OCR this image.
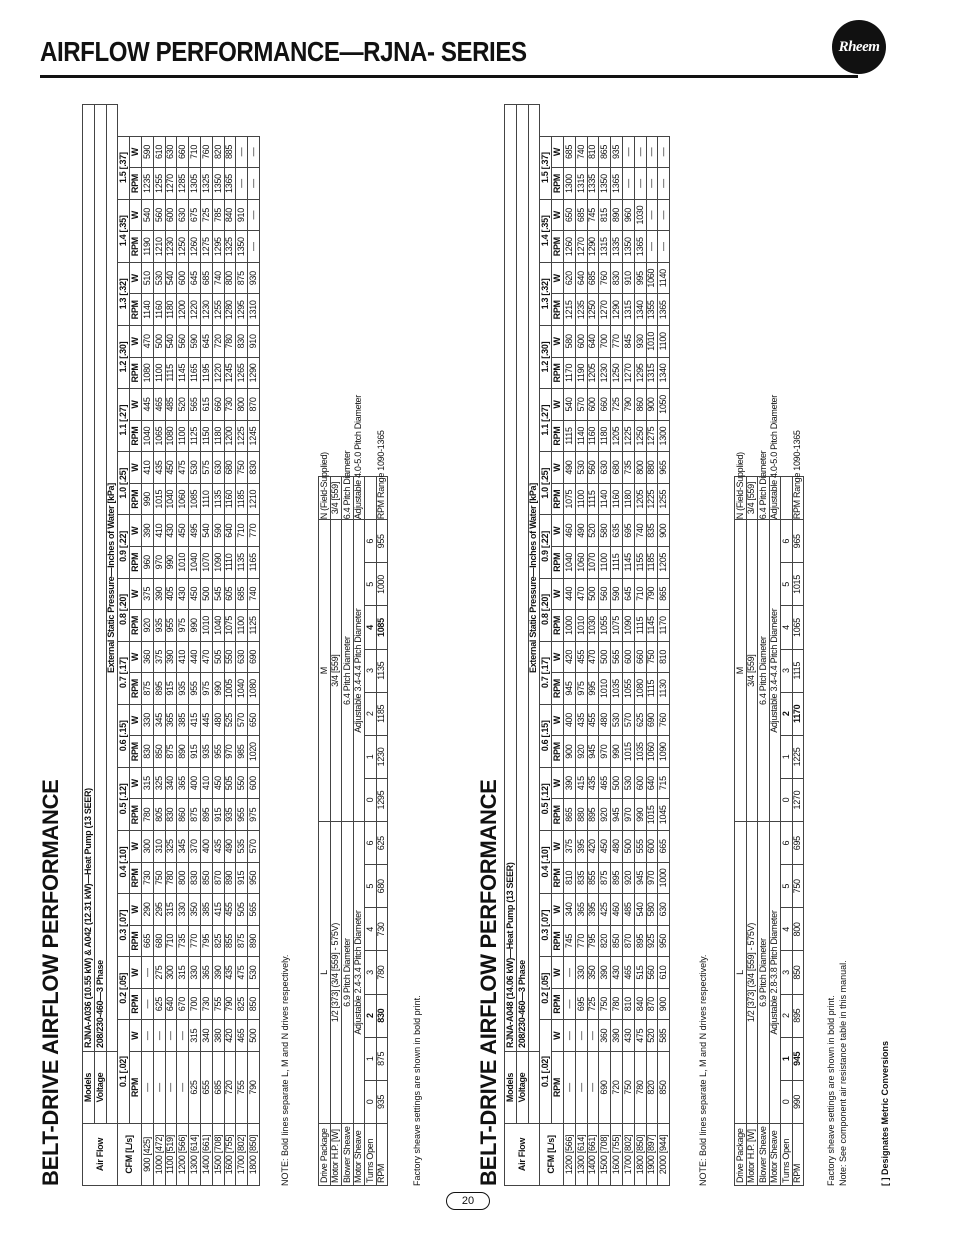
AIRFLOW PERFORMANCE—RJNA- SERIES	Rheem
20
BELT-DRIVE AIRFLOW PERFORMANCE	Air Flow	Models	RJNA-A036 (10.55 kW) & A042 (12.31 kW)—Heat Pump (13 SEER)																												
	Voltage	208/230-460—3 Phase																												
		External Static Pressure—Inches of Water [kPa]																												
CFM [L/s]	0.1 [.02]		0.2 [.05]		0.3 [.07]		0.4 [.10]		0.5 [.12]		0.6 [.15]		0.7 [.17]		0.8 [.20]		0.9 [.22]		1.0 [.25]		1.1 [.27]		1.2 [.30]		1.3 [.32]		1.4 [.35]		1.5 [.37]	
	RPM	W	RPM	W	RPM	W	RPM	W	RPM	W	RPM	W	RPM	W	RPM	W	RPM	W	RPM	W	RPM	W	RPM	W	RPM	W	RPM	W	RPM	W
900 [425]	—	—	—	—	665	290	730	300	780	315	830	330	875	360	920	375	960	390	990	410	1040	445	1080	470	1140	510	1190	540	1235	590
1000 [472]	—	—	625	275	680	295	750	310	805	325	850	345	895	375	935	390	970	410	1015	435	1065	465	1100	500	1160	530	1210	560	1255	610
1100 [519]	—	—	640	300	710	315	780	325	830	340	875	365	915	390	955	405	990	430	1040	450	1080	485	1115	540	1180	540	1230	600	1270	630
1200 [566]	—	—	670	315	735	330	800	345	860	365	890	385	935	410	975	430	1010	450	1060	475	1100	520	1145	560	1200	600	1250	630	1285	660
1300 [614]	625	315	700	330	770	350	830	370	875	400	915	415	955	440	990	450	1040	495	1085	530	1125	565	1165	590	1220	645	1260	675	1305	710
1400 [661]	655	340	730	365	795	385	850	400	895	410	935	445	975	470	1010	500	1070	540	1110	575	1150	615	1195	645	1230	685	1275	725	1325	760
1500 [708]	685	380	755	390	825	415	870	435	915	450	955	480	990	505	1040	545	1090	590	1135	630	1180	660	1220	720	1255	740	1295	785	1350	820
1600 [755]	720	420	790	435	855	455	890	490	935	505	970	525	1005	550	1075	605	1110	640	1160	680	1200	730	1245	780	1280	800	1325	840	1365	885
1700 [802]	755	465	825	475	875	505	915	535	955	550	985	570	1040	630	1100	685	1135	710	1185	750	1225	800	1265	830	1295	875	1350	910	—	—
1800 [850]	790	500	850	530	890	565	950	570	975	600	1020	650	1080	690	1125	740	1165	770	1210	830	1245	870	1290	910	1310	930	—	—	—	—
NOTE: Bold lines separate L, M and N drives respectively.	Drive Package	L							M							N (Field-Supplied)
Motor H.P. [W]	1/2 [373] (3/4 [559] - 575V)							3/4 [559]							3/4 [559]
Blower Sheave	6.9 Pitch Diameter							6.4 Pitch Diameter							6.4 Pitch Diameter
Motor Sheave	Adjustable 2.4-3.4 Pitch Diameter							Adjustable 3.4-4.4 Pitch Diameter							Adjustable 4.0-5.0 Pitch Diameter
Turns Open	0	1	2	3	4	5	6	0	1	2	3	4	5	6	
RPM	935	875	830	780	730	680	625	1295	1230	1185	1135	1085	1000	955	RPM Range 1090-1365
Factory sheave settings are shown in bold print. BELT-DRIVE AIRFLOW PERFORMANCE Air Flow	Models	RJNA-A048 (14.06 kW)—Heat Pump (13 SEER)																												
	Voltage	208/230-460—3 Phase																												
		External Static Pressure—Inches of Water [kPa]																												
CFM [L/s]	0.1 [.02]		0.2 [.05]		0.3 [.07]		0.4 [.10]		0.5 [.12]		0.6 [.15]		0.7 [.17]		0.8 [.20]		0.9 [.22]		1.0 [.25]		1.1 [.27]		1.2 [.30]		1.3 [.32]		1.4 [.35]		1.5 [.37]	
	RPM	W	RPM	W	RPM	W	RPM	W	RPM	W	RPM	W	RPM	W	RPM	W	RPM	W	RPM	W	RPM	W	RPM	W	RPM	W	RPM	W	RPM	W
1200 [566]	—	—	—	—	745	340	810	375	865	390	900	400	945	420	1000	440	1040	460	1075	490	1115	540	1170	580	1215	620	1260	650	1300	685
1300 [614]	—	—	695	330	770	365	835	395	880	415	920	435	975	455	1010	470	1060	490	1100	530	1140	570	1190	600	1235	640	1270	685	1315	740
1400 [661]	—	—	725	350	795	395	855	420	895	435	945	455	995	470	1030	500	1070	520	1115	560	1160	600	1205	640	1250	685	1290	745	1335	810
1500 [708]	690	360	750	390	820	425	875	450	920	465	970	480	1010	500	1055	560	1100	580	1140	630	1180	660	1230	700	1270	760	1315	815	1350	865
1600 [755]	720	390	780	430	850	460	895	480	945	500	990	530	1035	565	1075	590	1115	635	1160	680	1205	725	1250	770	1290	830	1335	890	1365	935
1700 [802]	750	430	810	465	870	485	920	500	970	530	1015	570	1055	600	1090	645	1145	695	1180	735	1225	790	1270	845	1315	910	1350	960	—	—
1800 [850]	780	475	840	515	895	540	945	555	990	600	1035	625	1080	660	1115	710	1155	740	1205	800	1250	860	1295	930	1340	995	1365	1030	—	—
1900 [897]	820	520	870	560	925	580	970	600	1015	640	1060	690	1115	750	1145	790	1185	835	1225	880	1275	900	1315	1010	1355	1060	—	—	—	—
2000 [944]	850	585	900	610	950	630	1000	665	1045	715	1090	760	1130	810	1170	865	1205	900	1255	965	1300	1050	1340	1100	1365	1140	—	—	—	—
NOTE: Bold lines separate L, M and N drives respectively.	Drive Package	L							M							N (Field-Supplied)
Motor H.P. [W]	1/2 [373] (3/4 [559] - 575V)							3/4 [559]							3/4 [559]
Blower Sheave	6.9 Pitch Diameter							6.4 Pitch Diameter							6.4 Pitch Diameter
Motor Sheave	Adjustable 2.8-3.8 Pitch Diameter							Adjustable 3.4-4.4 Pitch Diameter							Adjustable 4.0-5.0 Pitch Diameter
Turns Open	0	1	2	3	4	5	6	0	1	2	3	4	5	6	
RPM	990	945	895	850	800	750	695	1270	1225	1170	1115	1065	1015	965	RPM Range 1090-1365
Factory sheave settings are shown in bold print. Note: See component air resistance table in this manual.	[ ] Designates Metric Conversions
